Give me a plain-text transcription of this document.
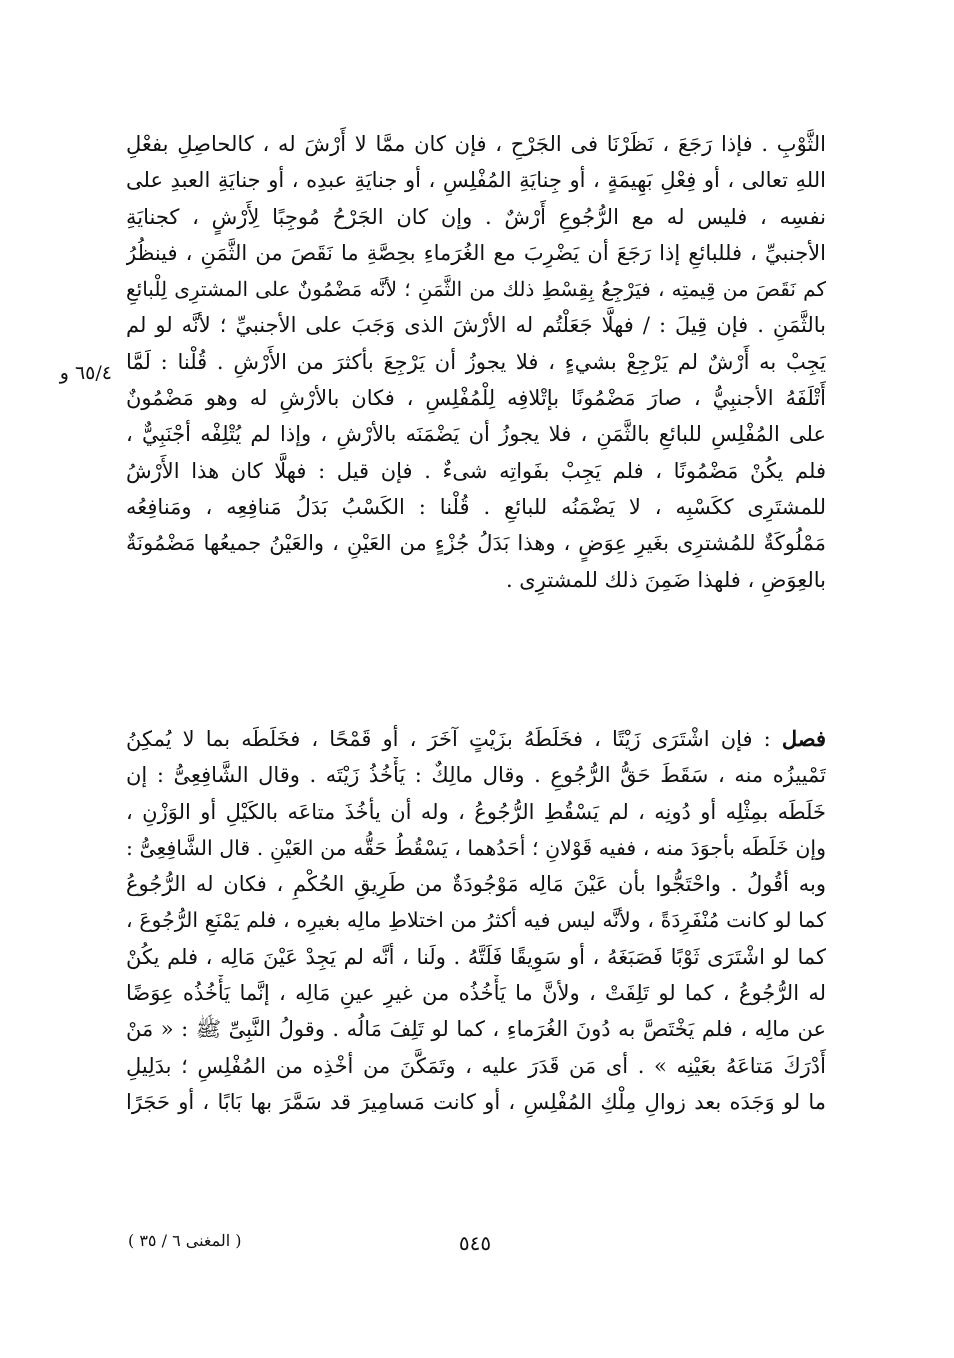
٦٥/٤ و
الثَّوْبِ . فإذا رَجَعَ ، نَظَرْنَا فى الجَرْحِ ، فإن كان ممَّا لا أَرْشَ له ، كالحاصِلِ بفعْلِ
اللهِ تعالى ، أو فِعْلِ بَهِيمَةٍ ، أو جِنايَةِ المُفْلِسِ ، أو جنايَةِ عبدِه ، أو جنايَةِ العبدِ على
نفسِه ، فليس له مع الرُّجُوعِ أَرْشٌ . وإن كان الجَرْحُ مُوجِبًا لِأَرْشٍ ، كجنايَةِ
الأجنبيِّ ، فللبائعِ إذا رَجَعَ أن يَضْرِبَ مع الغُرَماءِ بحِصَّةِ ما نَقَصَ من الثَّمَنِ ، فينظُرُ
كم نَقَصَ من قِيمتِه ، فيَرْجِعُ بِقِسْطِ ذلك من الثَّمَنِ ؛ لأنَّه مَضْمُونٌ على المشترِى لِلْبائعِ
بالثَّمَنِ . فإن قِيلَ : / فهلَّا جَعَلْتُم له الأرْشَ الذى وَجَبَ على الأجنبيِّ ؛ لأنَّه لو لم
يَجِبْ به أَرْشٌ لم يَرْجِعْ بشيءٍ ، فلا يجوزُ أن يَرْجِعَ بأكثرَ من الأَرْشِ . قُلْنا : لَمَّا
أَتْلَفَهُ الأجنبِيُّ ، صارَ مَضْمُونًا بإتْلافِه لِلْمُفْلِسِ ، فكان بالأرْشِ له وهو مَضْمُونٌ
على المُفْلِسِ للبائعِ بالثَّمَنِ ، فلا يجوزُ أن يَضْمَنَه بالأرْشِ ، وإذا لم يُتْلِفْه أجْنَبِيٌّ ،
فلم يكُنْ مَضْمُونًا ، فلم يَجِبْ بفَواتِه شىءٌ . فإن قيل : فهلَّا كان هذا الأَرْشُ
للمشتَرِى ككَسْبِه ، لا يَضْمَنُه للبائعِ . قُلْنا : الكَسْبُ بَدَلُ مَنافِعِه ، ومَنافِعُه
مَمْلُوكَةٌ للمُشترِى بغَيرِ عِوَضٍ ، وهذا بَدَلُ جُزْءٍ من العَيْنِ ، والعَيْنُ جميعُها مَضْمُونَةٌ
بالعِوَضِ ، فلهذا ضَمِنَ ذلك للمشترِى .
فصل : فإن اشْتَرَى زَيْتًا ، فخَلَطَهُ بزَيْتٍ آخَرَ ، أو قَمْحًا ، فخَلَطَه بما لا يُمكِنُ
تَمْييزُه منه ، سَقَطَ حَقُّ الرُّجُوعِ . وقال مالِكٌ : يَأْخُذُ زَيْتَه . وقال الشَّافِعِىُّ : إن
خَلَطَه بمِثْلِه أو دُونِه ، لم يَسْقُطِ الرُّجُوعُ ، وله أن يأخُذَ متاعَه بالكَيْلِ أو الوَزْنِ ،
وإن خَلَطَه بأجوَدَ منه ، ففيه قَوْلانِ ؛ أحَدُهما ، يَسْقُطُ حَقُّه من العَيْنِ . قال الشَّافِعِىُّ :
وبه أقُولُ . واحْتَجُّوا بأن عَيْنَ مَالِه مَوْجُودَةٌ من طَرِيقِ الحُكْمِ ، فكان له الرُّجُوعُ
كما لو كانت مُنْفَرِدَةً ، ولأنَّه ليس فيه أكثرُ من اختلاطِ مالِه بغيرِه ، فلم يَمْنَعِ الرُّجُوعَ ،
كما لو اشْتَرَى ثَوْبًا فَصَبَغَهُ ، أو سَوِيقًا فَلَتَّهُ . ولَنا ، أنَّه لم يَجِدْ عَيْنَ مَالِه ، فلم يكُنْ
له الرُّجُوعُ ، كما لو تَلِفَتْ ، ولأنَّ ما يَأْخُذُه من غيرِ عينِ مَالِه ، إنَّما يَأْخُذُه عِوَضًا
عن مالِه ، فلم يَخْتَصَّ به دُونَ الغُرَماءِ ، كما لو تَلِفَ مَالُه . وقولُ النَّبِىِّ ﷺ : « مَنْ
أَدْرَكَ مَتاعَهُ بعَيْنِه » . أى مَن قَدَرَ عليه ، وتَمَكَّنَ من أخْذِه من المُفْلِسِ ؛ بدَلِيلِ
ما لو وَجَدَه بعد زوالِ مِلْكِ المُفْلِسِ ، أو كانت مَسامِيرَ قد سَمَّرَ بها بَابًا ، أو حَجَرًا
٥٤٥
( المغنى ٦ / ٣٥ )
